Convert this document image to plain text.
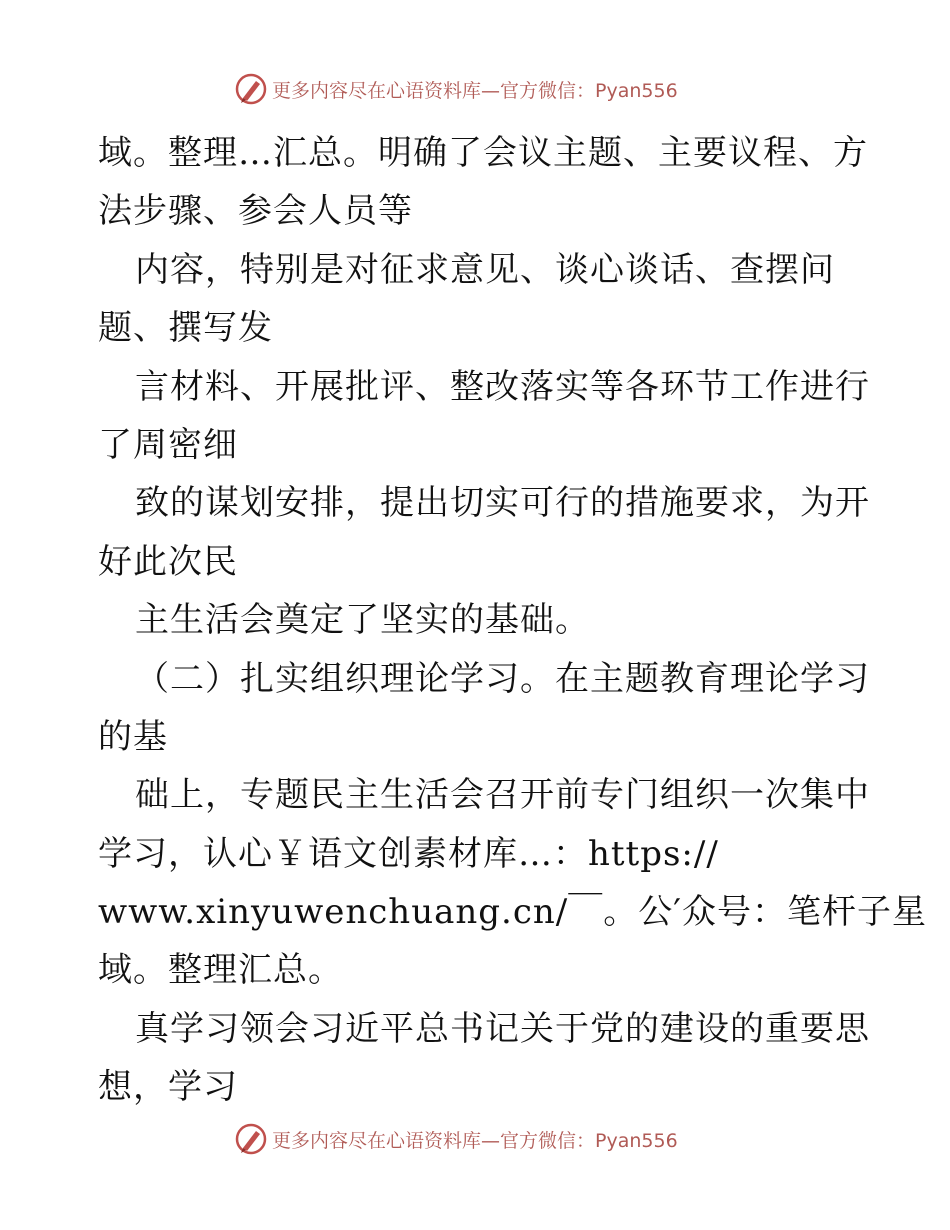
更多内容尽在心语资料库—官方微信：Pyan556
域。整理…汇总。明确了会议主题、主要议程、方
法步骤、参会人员等
内容，特别是对征求意见、谈心谈话、查摆问
题、撰写发
言材料、开展批评、整改落实等各环节工作进行
了周密细
致的谋划安排，提出切实可行的措施要求，为开
好此次民
主生活会奠定了坚实的基础。
（二）扎实组织理论学习。在主题教育理论学习
的基
础上，专题民主生活会召开前专门组织一次集中
学习，认心￥语文创素材库…：https://
www.xinyuwenchuang.cn/￣。公′众号：笔杆子星
域。整理汇总。
真学习领会习近平总书记关于党的建设的重要思
想，学习
更多内容尽在心语资料库—官方微信：Pyan556
